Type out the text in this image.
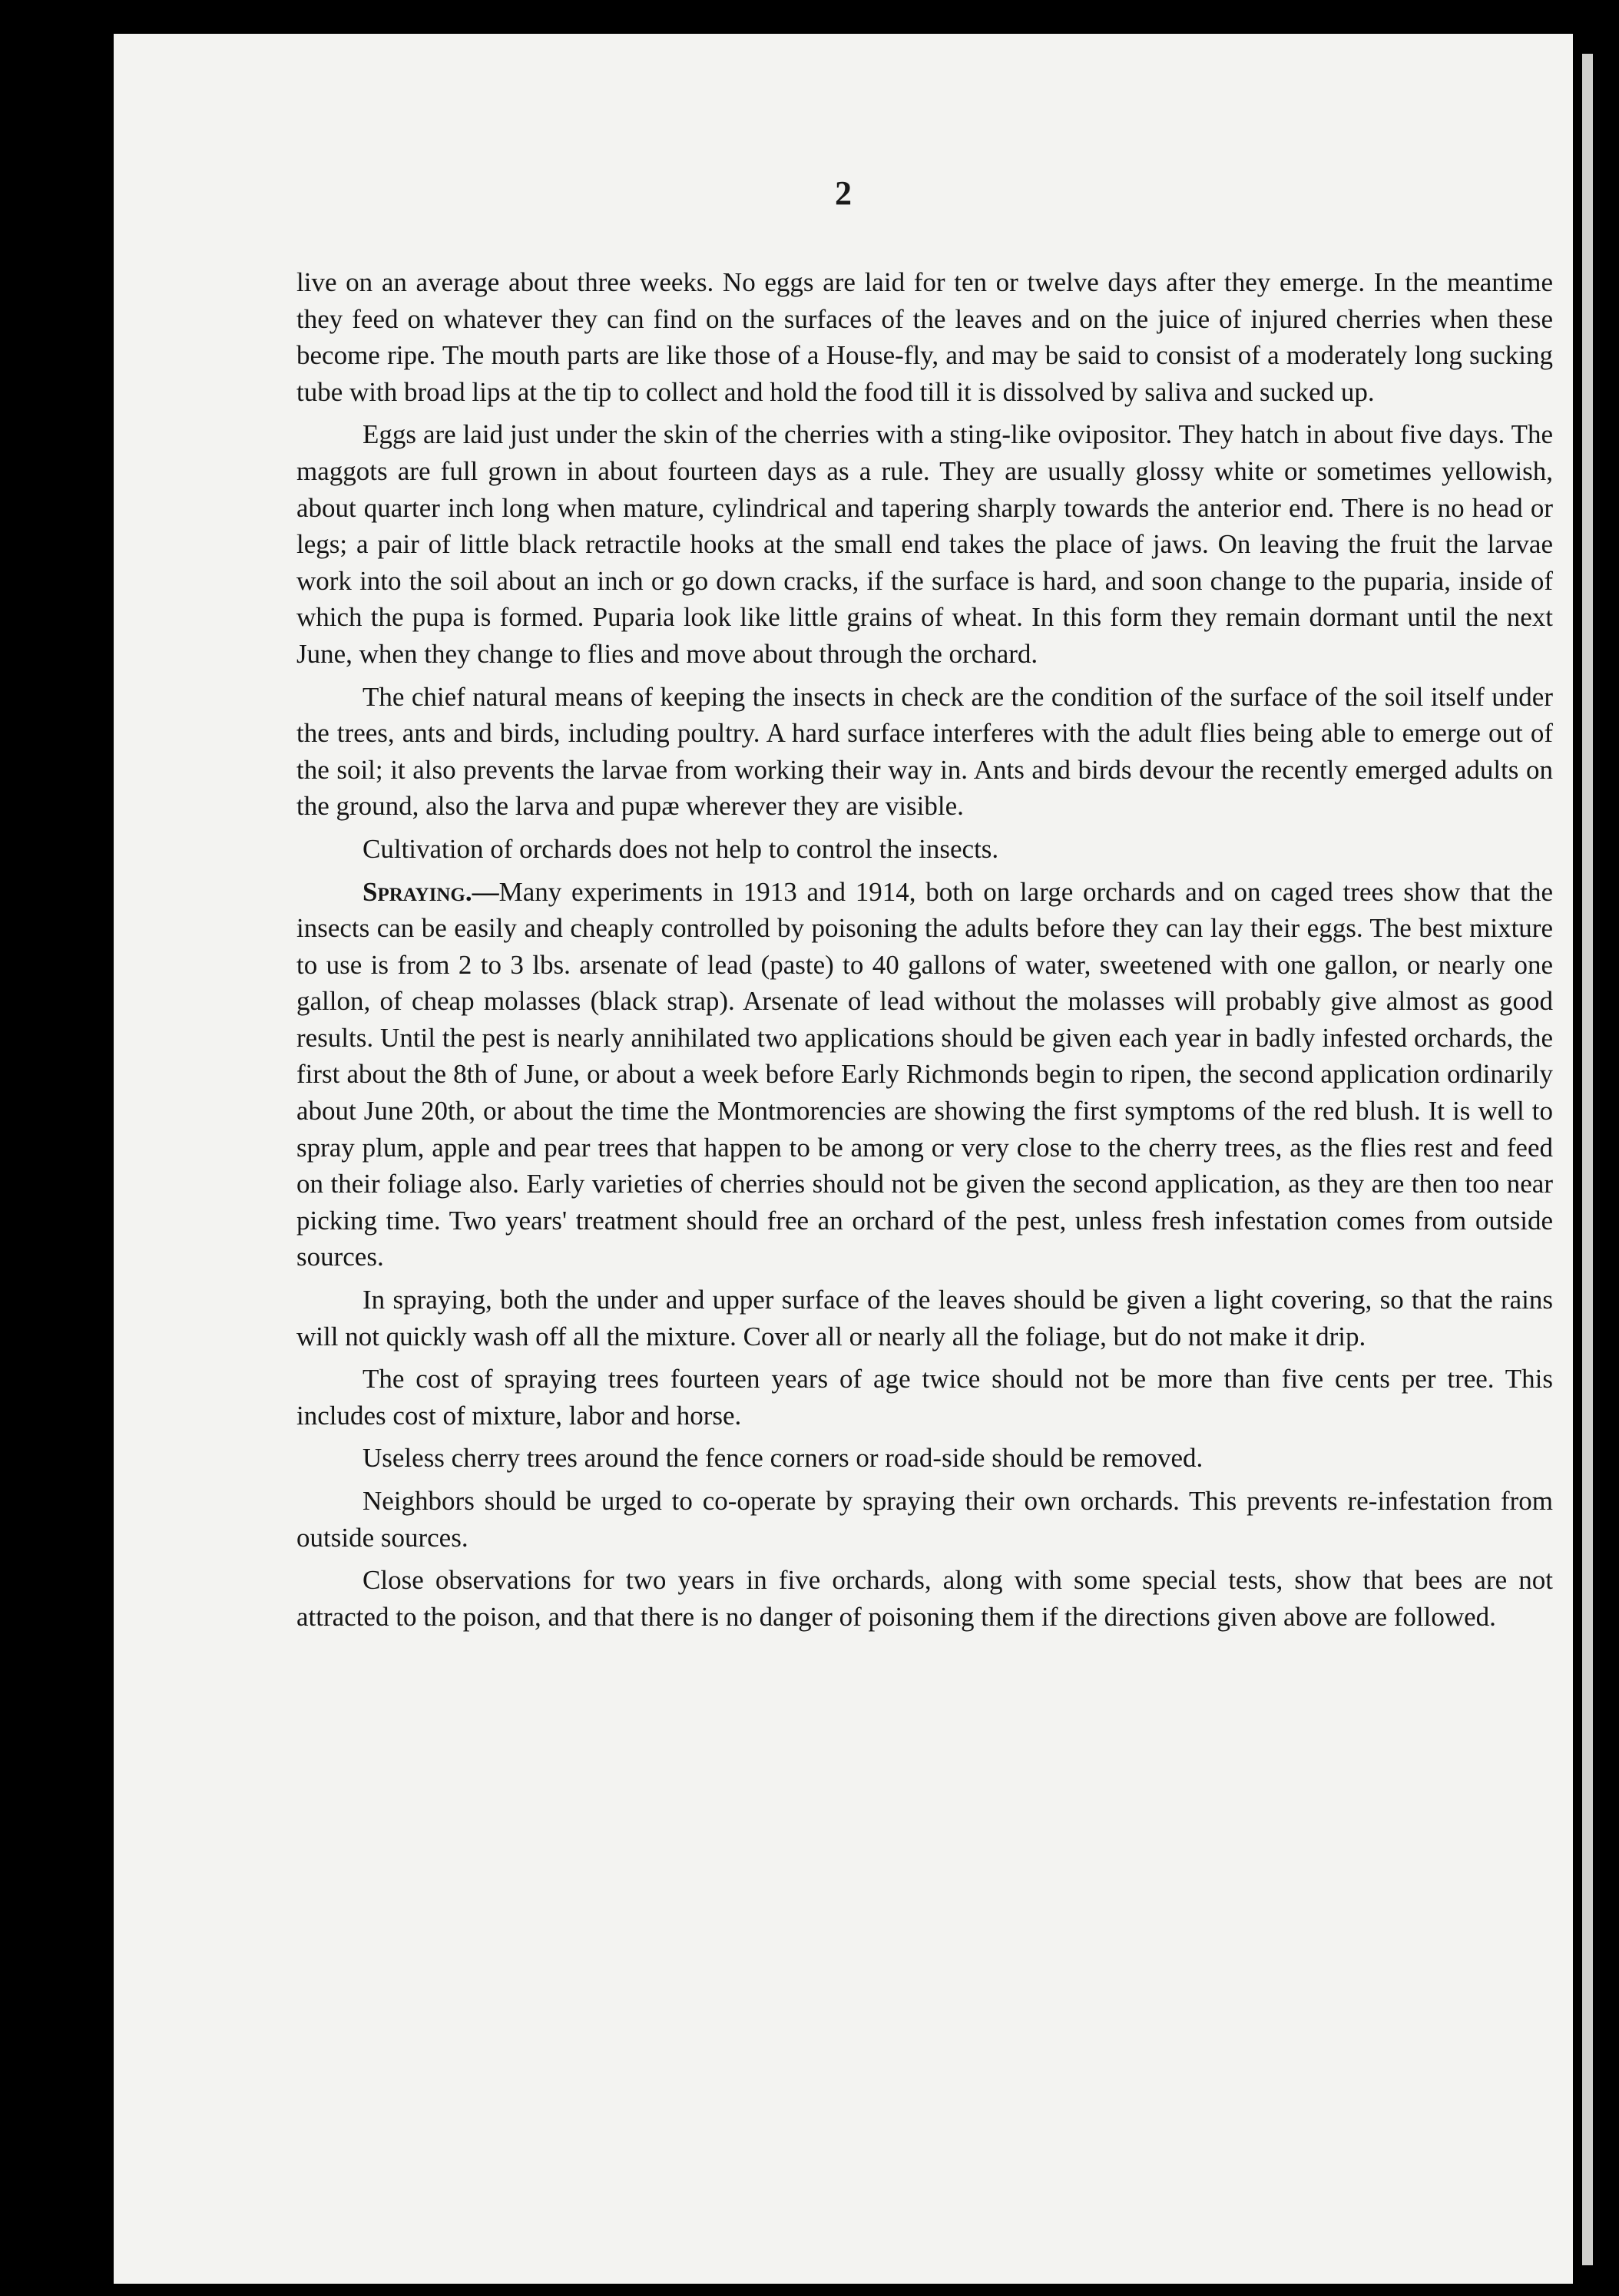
2

live on an average about three weeks. No eggs are laid for ten or twelve days after they emerge. In the meantime they feed on whatever they can find on the surfaces of the leaves and on the juice of injured cherries when these become ripe. The mouth parts are like those of a House-fly, and may be said to consist of a moderately long sucking tube with broad lips at the tip to collect and hold the food till it is dissolved by saliva and sucked up.

Eggs are laid just under the skin of the cherries with a sting-like ovipositor. They hatch in about five days. The maggots are full grown in about fourteen days as a rule. They are usually glossy white or sometimes yellowish, about quarter inch long when mature, cylindrical and tapering sharply towards the anterior end. There is no head or legs; a pair of little black retractile hooks at the small end takes the place of jaws. On leaving the fruit the larvae work into the soil about an inch or go down cracks, if the surface is hard, and soon change to the puparia, inside of which the pupa is formed. Puparia look like little grains of wheat. In this form they remain dormant until the next June, when they change to flies and move about through the orchard.

The chief natural means of keeping the insects in check are the condition of the surface of the soil itself under the trees, ants and birds, including poultry. A hard surface interferes with the adult flies being able to emerge out of the soil; it also prevents the larvae from working their way in. Ants and birds devour the recently emerged adults on the ground, also the larva and pupæ wherever they are visible.

Cultivation of orchards does not help to control the insects.

Spraying.—Many experiments in 1913 and 1914, both on large orchards and on caged trees show that the insects can be easily and cheaply controlled by poisoning the adults before they can lay their eggs. The best mixture to use is from 2 to 3 lbs. arsenate of lead (paste) to 40 gallons of water, sweetened with one gallon, or nearly one gallon, of cheap molasses (black strap). Arsenate of lead without the molasses will probably give almost as good results. Until the pest is nearly annihilated two applications should be given each year in badly infested orchards, the first about the 8th of June, or about a week before Early Richmonds begin to ripen, the second application ordinarily about June 20th, or about the time the Montmorencies are showing the first symptoms of the red blush. It is well to spray plum, apple and pear trees that happen to be among or very close to the cherry trees, as the flies rest and feed on their foliage also. Early varieties of cherries should not be given the second application, as they are then too near picking time. Two years' treatment should free an orchard of the pest, unless fresh infestation comes from outside sources.

In spraying, both the under and upper surface of the leaves should be given a light covering, so that the rains will not quickly wash off all the mixture. Cover all or nearly all the foliage, but do not make it drip.

The cost of spraying trees fourteen years of age twice should not be more than five cents per tree. This includes cost of mixture, labor and horse.

Useless cherry trees around the fence corners or road-side should be removed.

Neighbors should be urged to co-operate by spraying their own orchards. This prevents re-infestation from outside sources.

Close observations for two years in five orchards, along with some special tests, show that bees are not attracted to the poison, and that there is no danger of poisoning them if the directions given above are followed.
